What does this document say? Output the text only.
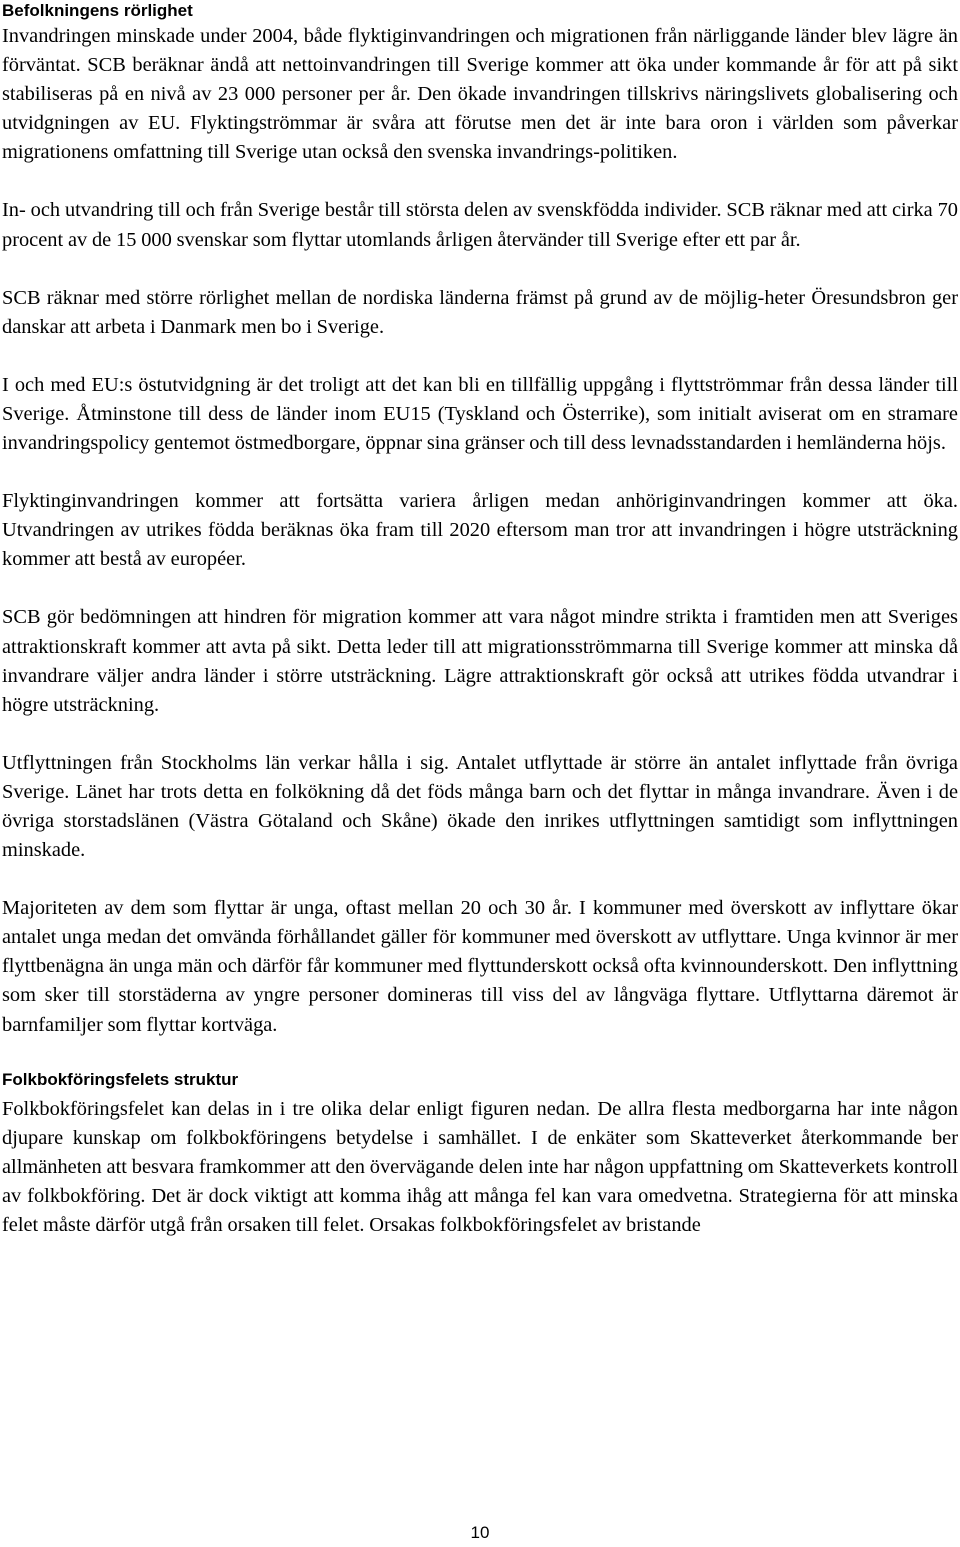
Befolkningens rörlighet

Invandringen minskade under 2004, både flyktiginvandringen och migrationen från närliggande länder blev lägre än förväntat. SCB beräknar ändå att nettoinvandringen till Sverige kommer att öka under kommande år för att på sikt stabiliseras på en nivå av 23 000 personer per år. Den ökade invandringen tillskrivs näringslivets globalisering och utvidgningen av EU. Flyktingströmmar är svåra att förutse men det är inte bara oron i världen som påverkar migrationens omfattning till Sverige utan också den svenska invandrings-politiken.

In- och utvandring till och från Sverige består till största delen av svenskfödda individer. SCB räknar med att cirka 70 procent av de 15 000 svenskar som flyttar utomlands årligen återvänder till Sverige efter ett par år.

SCB räknar med större rörlighet mellan de nordiska länderna främst på grund av de möjlig-heter Öresundsbron ger danskar att arbeta i Danmark men bo i Sverige.

I och med EU:s östutvidgning är det troligt att det kan bli en tillfällig uppgång i flyttströmmar från dessa länder till Sverige. Åtminstone till dess de länder inom EU15 (Tyskland och Österrike), som initialt aviserat om en stramare invandringspolicy gentemot östmedborgare, öppnar sina gränser och till dess levnadsstandarden i hemländerna höjs.

Flyktinginvandringen kommer att fortsätta variera årligen medan anhöriginvandringen kommer att öka. Utvandringen av utrikes födda beräknas öka fram till 2020 eftersom man tror att invandringen i högre utsträckning kommer att bestå av européer.

SCB gör bedömningen att hindren för migration kommer att vara något mindre strikta i framtiden men att Sveriges attraktionskraft kommer att avta på sikt. Detta leder till att migrationsströmmarna till Sverige kommer att minska då invandrare väljer andra länder i större utsträckning. Lägre attraktionskraft gör också att utrikes födda utvandrar i högre utsträckning.

Utflyttningen från Stockholms län verkar hålla i sig. Antalet utflyttade är större än antalet inflyttade från övriga Sverige. Länet har trots detta en folkökning då det föds många barn och det flyttar in många invandrare. Även i de övriga storstadslänen (Västra Götaland och Skåne) ökade den inrikes utflyttningen samtidigt som inflyttningen minskade.

Majoriteten av dem som flyttar är unga, oftast mellan 20 och 30 år. I kommuner med överskott av inflyttare ökar antalet unga medan det omvända förhållandet gäller för kommuner med överskott av utflyttare. Unga kvinnor är mer flyttbenägna än unga män och därför får kommuner med flyttunderskott också ofta kvinnounderskott. Den inflyttning som sker till storstäderna av yngre personer domineras till viss del av långväga flyttare. Utflyttarna däremot är barnfamiljer som flyttar kortväga.

Folkbokföringsfelets struktur

Folkbokföringsfelet kan delas in i tre olika delar enligt figuren nedan. De allra flesta medborgarna har inte någon djupare kunskap om folkbokföringens betydelse i samhället. I de enkäter som Skatteverket återkommande ber allmänheten att besvara framkommer att den övervägande delen inte har någon uppfattning om Skatteverkets kontroll av folkbokföring. Det är dock viktigt att komma ihåg att många fel kan vara omedvetna. Strategierna för att minska felet måste därför utgå från orsaken till felet. Orsakas folkbokföringsfelet av bristande

10
